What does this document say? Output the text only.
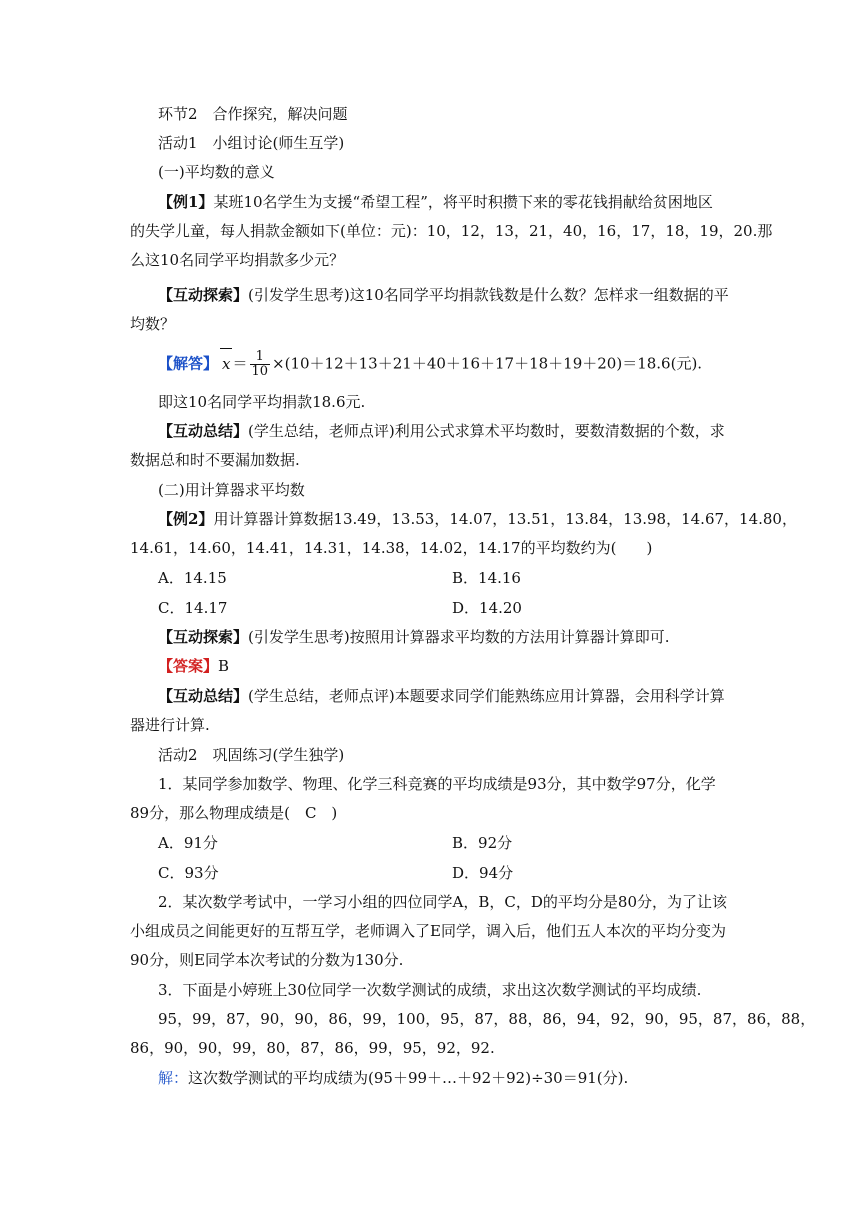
环节2　合作探究，解决问题
活动1　小组讨论(师生互学)
(一)平均数的意义
【例1】某班10名学生为支援“希望工程”，将平时积攒下来的零花钱捐献给贫困地区
的失学儿童，每人捐款金额如下(单位：元)：10，12，13，21，40，16，17，18，19，20.那
么这10名同学平均捐款多少元？
【互动探索】(引发学生思考)这10名同学平均捐款钱数是什么数？怎样求一组数据的平
均数？
【解答】 $x = \frac{1}{10} \times(10+12+13+21+40+16+17+18+19+20)=18.6$(元).
即这10名同学平均捐款18.6元.
【互动总结】(学生总结，老师点评)利用公式求算术平均数时，要数清数据的个数，求
数据总和时不要漏加数据.
(二)用计算器求平均数
【例2】用计算器计算数据13.49，13.53，14.07，13.51，13.84，13.98，14.67，14.80，
14.61，14.60，14.41，14.31，14.38，14.02，14.17的平均数约为(　　)
A．14.15	B．14.16
C．14.17	D．14.20
【互动探索】(引发学生思考)按照用计算器求平均数的方法用计算器计算即可.
【答案】B
【互动总结】(学生总结，老师点评)本题要求同学们能熟练应用计算器，会用科学计算
器进行计算.
活动2　巩固练习(学生独学)
1．某同学参加数学、物理、化学三科竞赛的平均成绩是93分，其中数学97分，化学
89分，那么物理成绩是(　C　)
A．91分	B．92分
C．93分	D．94分
2．某次数学考试中，一学习小组的四位同学A，B，C，D的平均分是80分，为了让该
小组成员之间能更好的互帮互学，老师调入了E同学，调入后，他们五人本次的平均分变为
90分，则E同学本次考试的分数为130分.
3．下面是小婷班上30位同学一次数学测试的成绩，求出这次数学测试的平均成绩.
95，99，87，90，90，86，99，100，95，87，88，86，94，92，90，95，87，86，88，
86，90，90，99，80，87，86，99，95，92，92.
解：这次数学测试的平均成绩为(95＋99＋…＋92＋92)÷30＝91(分).
